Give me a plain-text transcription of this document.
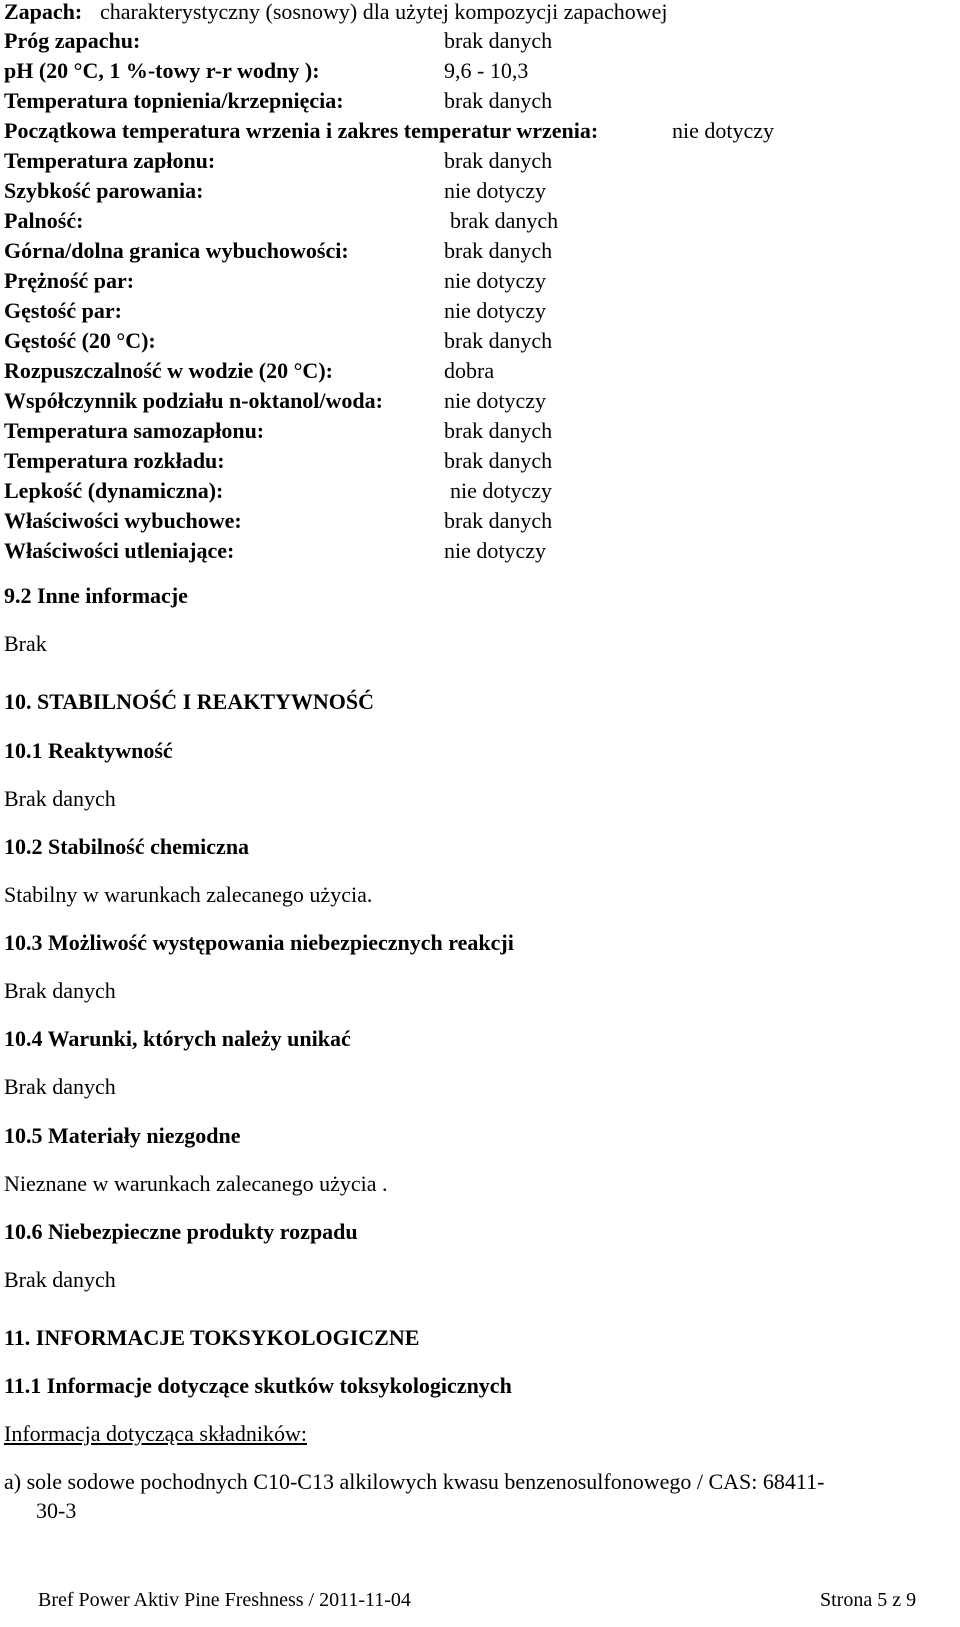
Zapach: charakterystyczny (sosnowy) dla użytej kompozycji zapachowej
Próg zapachu:	brak danych
pH (20 °C, 1 %-towy r-r wodny ):	9,6 - 10,3
Temperatura topnienia/krzepnięcia:	brak danych
Początkowa temperatura wrzenia i zakres temperatur wrzenia:	nie dotyczy
Temperatura zapłonu:	brak danych
Szybkość parowania:	nie dotyczy
Palność:	brak danych
Górna/dolna granica wybuchowości:	brak danych
Prężność par:	nie dotyczy
Gęstość par:	nie dotyczy
Gęstość (20 °C):	brak danych
Rozpuszczalność w wodzie (20 °C):	dobra
Współczynnik podziału n-oktanol/woda:	nie dotyczy
Temperatura samozapłonu:	brak danych
Temperatura rozkładu:	brak danych
Lepkość (dynamiczna):	nie dotyczy
Właściwości wybuchowe:	brak danych
Właściwości utleniające:	nie dotyczy
9.2 Inne informacje
Brak
10. STABILNOŚĆ I REAKTYWNOŚĆ
10.1 Reaktywność
Brak danych
10.2 Stabilność chemiczna
Stabilny w warunkach zalecanego użycia.
10.3 Możliwość występowania niebezpiecznych reakcji
Brak danych
10.4 Warunki, których należy unikać
Brak danych
10.5 Materiały niezgodne
Nieznane w warunkach zalecanego użycia .
10.6 Niebezpieczne produkty rozpadu
Brak danych
11. INFORMACJE TOKSYKOLOGICZNE
11.1 Informacje dotyczące skutków toksykologicznych
Informacja dotycząca składników:
a) sole sodowe pochodnych C10-C13 alkilowych kwasu benzenosulfonowego / CAS: 68411-
30-3
Bref Power Aktiv Pine Freshness / 2011-11-04	Strona 5 z 9
